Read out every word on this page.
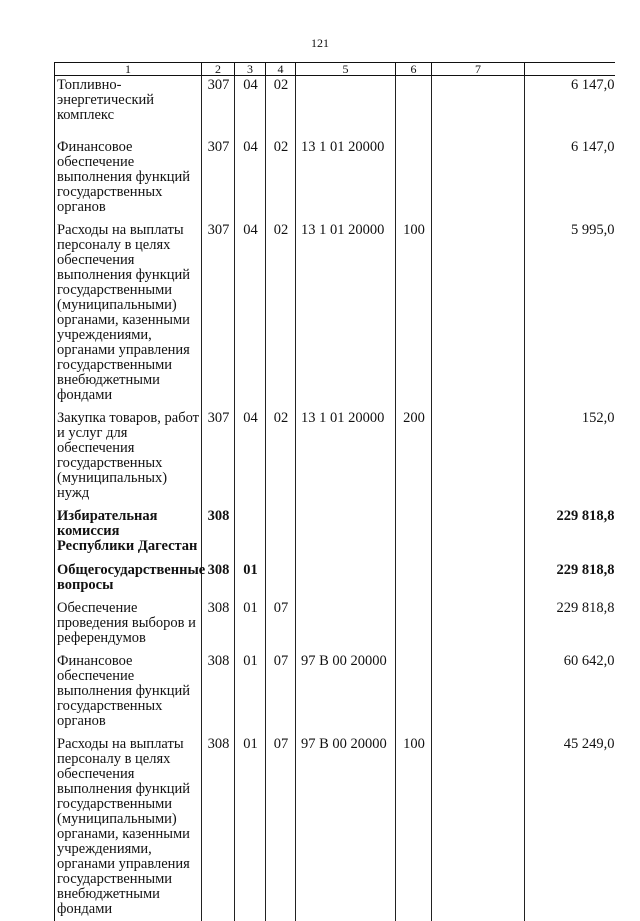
121
1	2	3	4	5	6	7	
Топливно-энергетический комплекс	307	04	02				6 147,0
Финансовое обеспечение выполнения функций государственных органов	307	04	02	13 1 01 20000			6 147,0
Расходы на выплаты персоналу в целях обеспечения выполнения функций государственными (муниципальными) органами, казенными учреждениями, органами управления государственными внебюджетными фондами	307	04	02	13 1 01 20000	100		5 995,0
Закупка товаров, работ и услуг для обеспечения государственных (муниципальных) нужд	307	04	02	13 1 01 20000	200		152,0
Избирательная комиссия Республики Дагестан	308						229 818,8
Общегосударственные вопросы	308	01					229 818,8
Обеспечение проведения выборов и референдумов	308	01	07				229 818,8
Финансовое обеспечение выполнения функций государственных органов	308	01	07	97 В 00 20000			60 642,0
Расходы на выплаты персоналу в целях обеспечения выполнения функций государственными (муниципальными) органами, казенными учреждениями, органами управления государственными внебюджетными фондами	308	01	07	97 В 00 20000	100		45 249,0
